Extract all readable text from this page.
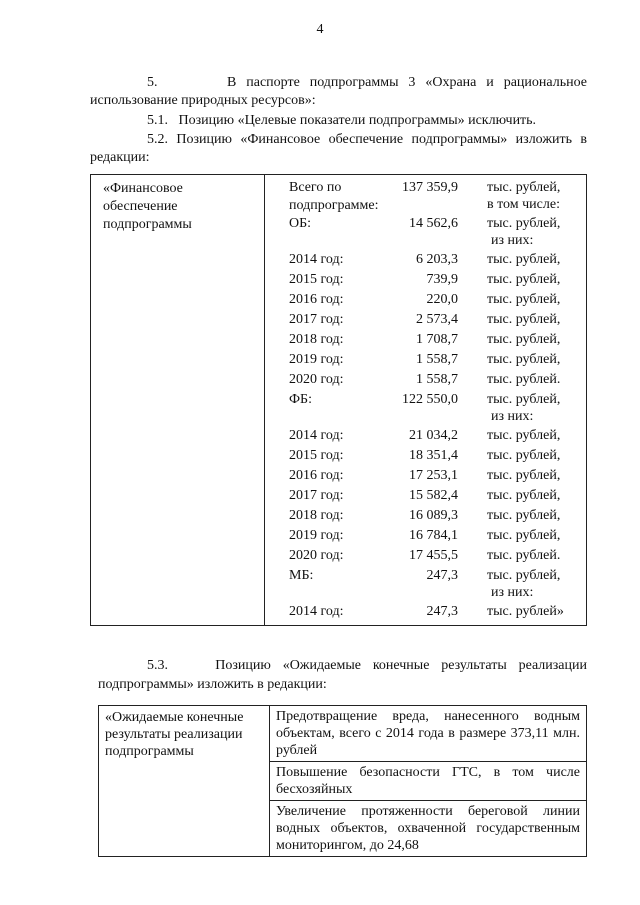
4
5.       В паспорте подпрограммы 3 «Охрана и рациональное
использование природных ресурсов»:
5.1.   Позицию «Целевые показатели подпрограммы» исключить.
5.2. Позицию «Финансовое обеспечение подпрограммы» изложить в
редакции:
«Финансовое
обеспечение
подпрограммы

Всего по подпрограмме:
137 359,9 тыс. рублей,
в том числе:
ОБ:	14 562,6 тыс. рублей,
из них:
2014 год:	6 203,3 тыс. рублей,
2015 год:	739,9 тыс. рублей,
2016 год:	220,0 тыс. рублей,
2017 год:	2 573,4 тыс. рублей,
2018 год:	1 708,7 тыс. рублей,
2019 год:	1 558,7 тыс. рублей,
2020 год:	1 558,7 тыс. рублей.
ФБ:	122 550,0 тыс. рублей,
из них:
2014 год:	21 034,2 тыс. рублей,
2015 год:	18 351,4 тыс. рублей,
2016 год:	17 253,1 тыс. рублей,
2017 год:	15 582,4 тыс. рублей,
2018 год:	16 089,3 тыс. рублей,
2019 год:	16 784,1 тыс. рублей,
2020 год:	17 455,5 тыс. рублей.
МБ:	247,3 тыс. рублей,
из них:
2014 год:	247,3 тыс. рублей»
5.3.    Позицию «Ожидаемые конечные результаты реализации
подпрограммы» изложить в редакции:
«Ожидаемые конечные
результаты реализации
подпрограммы
	Предотвращение вреда, нанесенного водным объектам, всего с 2014 года в размере 373,11 млн. рублей
Повышение безопасности ГТС, в том числе бесхозяйных
Увеличение протяженности береговой линии водных объектов, охваченной государственным мониторингом, до 24,68
